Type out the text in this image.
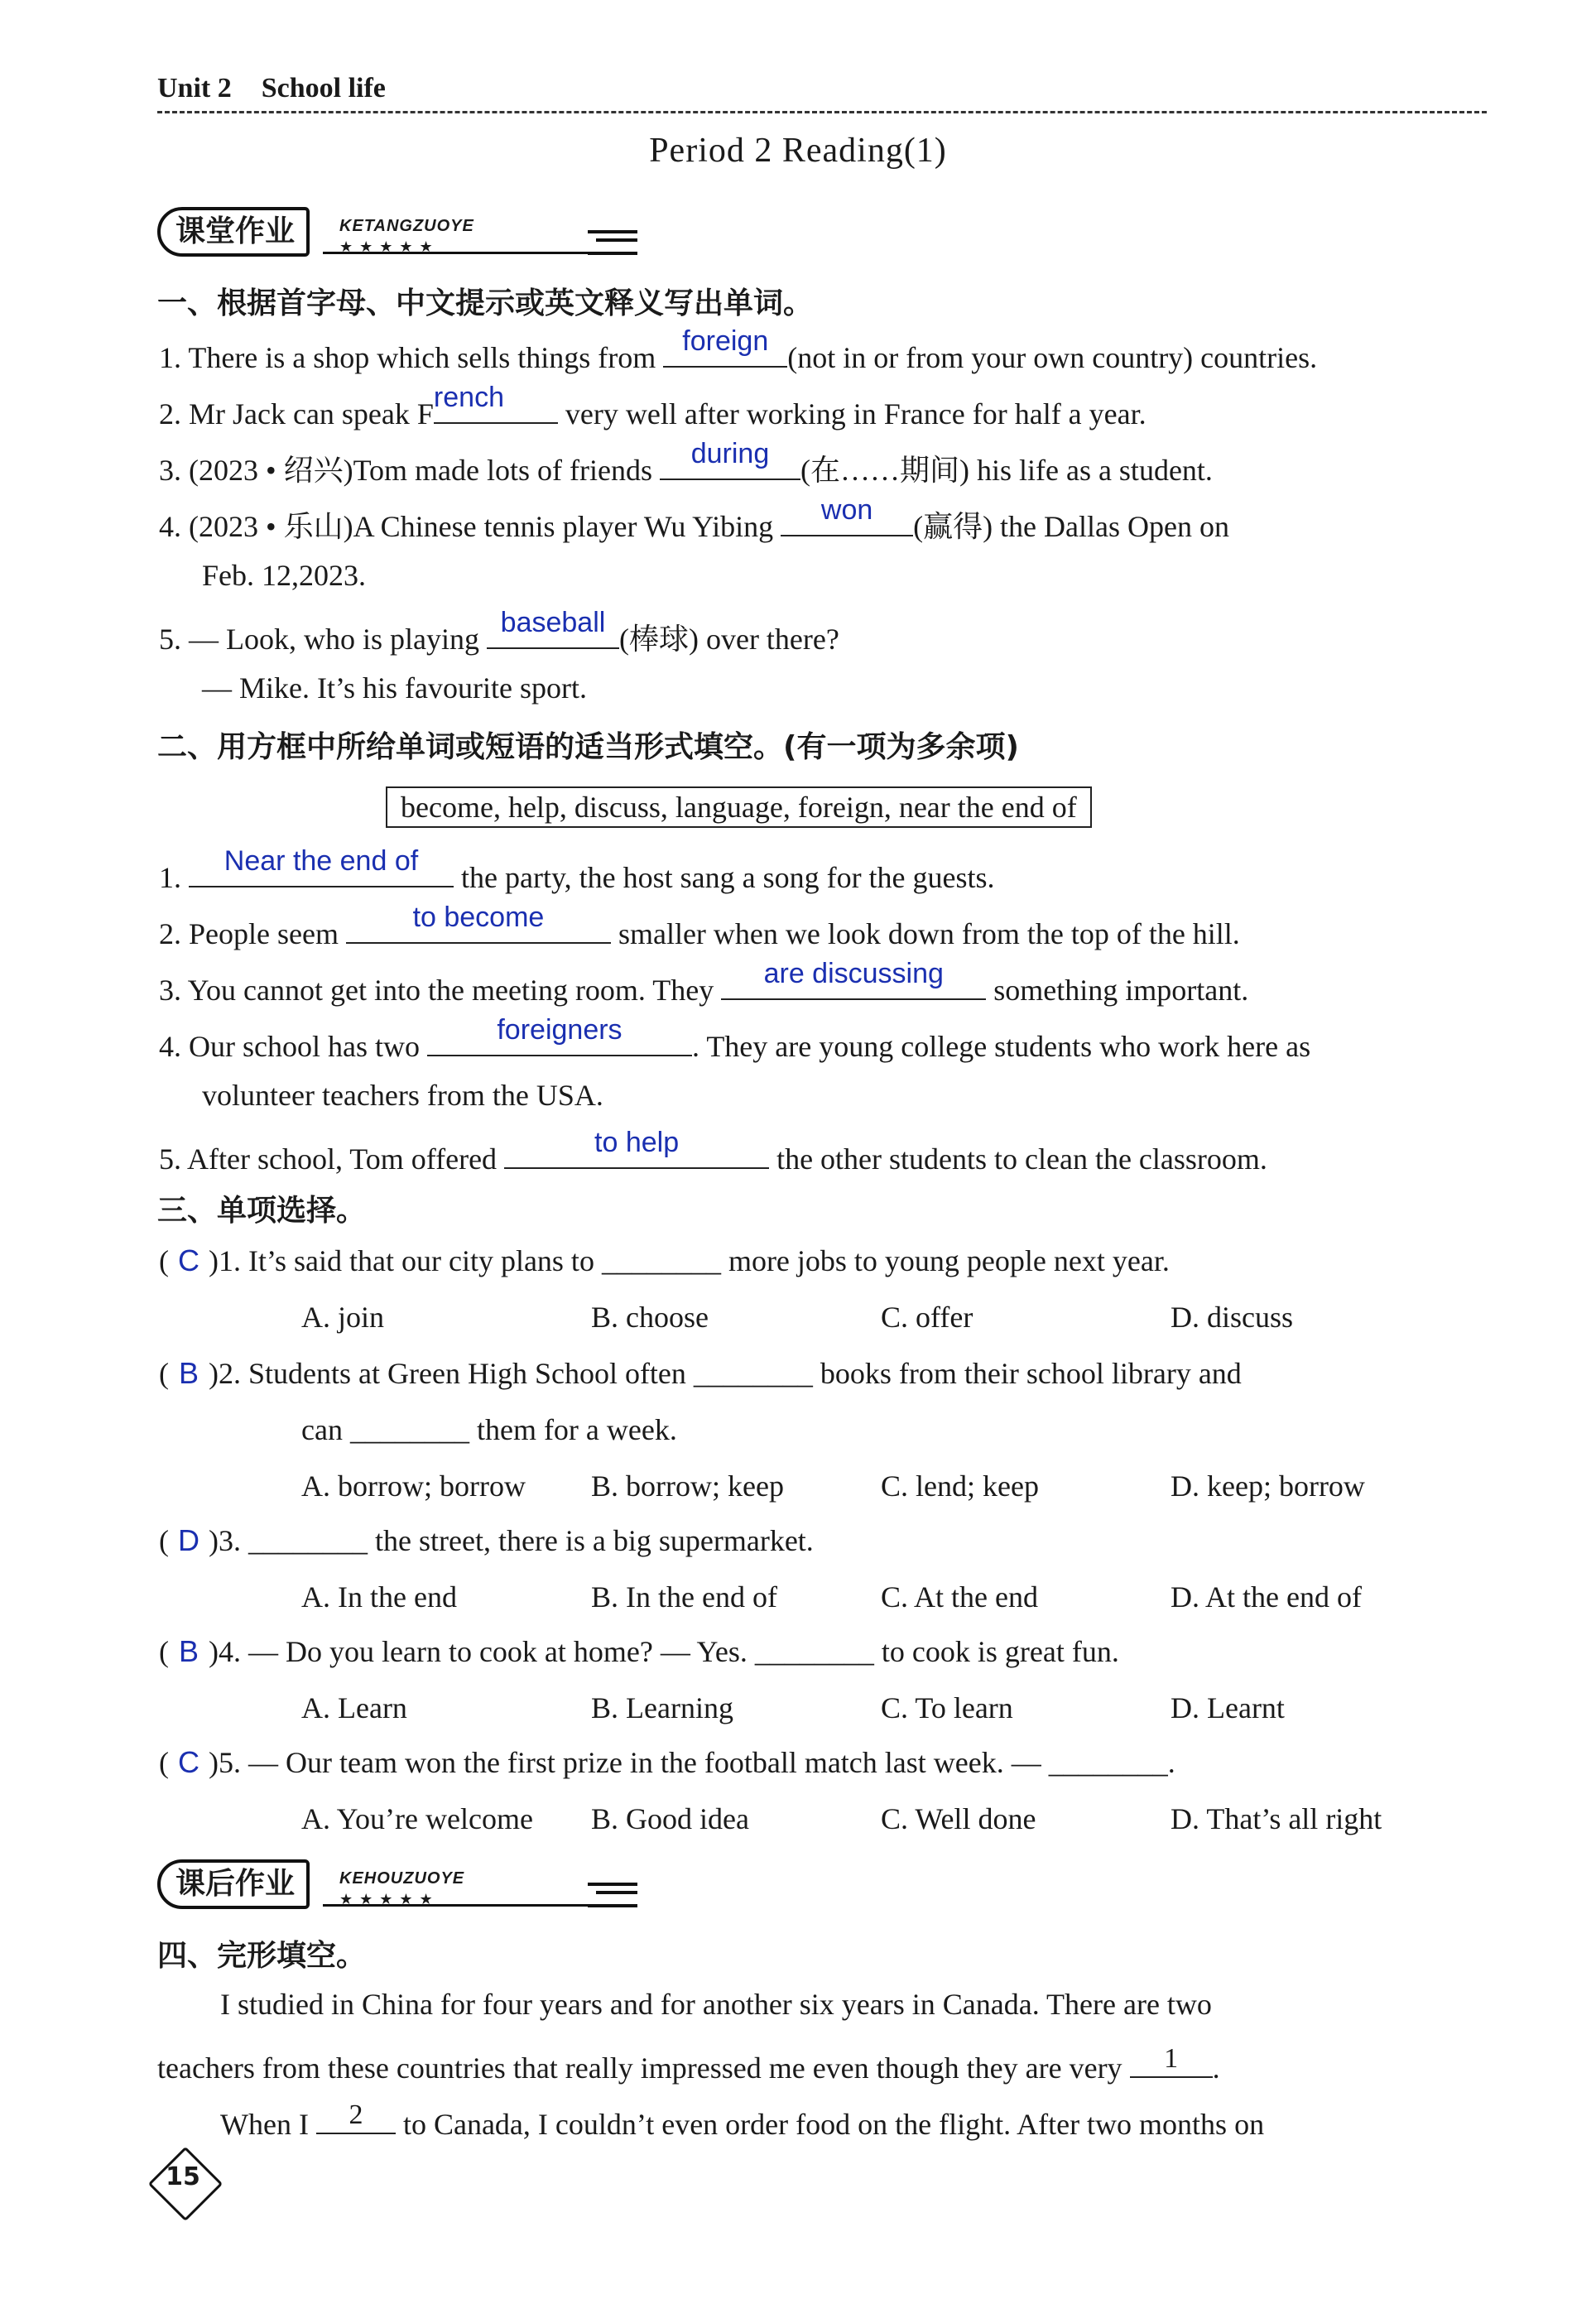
Unit 2 School life
Period 2 Reading(1)
课堂作业	KETANGZUOYE
★★★★★
一、根据首字母、中文提示或英文释义写出单词。
1. There is a shop which sells things from foreign (not in or from your own country) countries.
2. Mr Jack can speak F rench	very well after working in France for half a year.
3. (2023 • 绍兴)Tom made lots of friends	during	(在……期间) his life as a student.
4. (2023 • 乐山)A Chinese tennis player Wu Yibing	won	(赢得) the Dallas Open on
Feb. 12,2023.
5. — Look, who is playing baseball (棒球) over there?
— Mike. It’s his favourite sport.
二、用方框中所给单词或短语的适当形式填空。(有一项为多余项)
become, help, discuss, language, foreign, near the end of
1.	Near the end of	the party, the host sang a song for the guests.
2. People seem	to become	smaller when we look down from the top of the hill.
3. You cannot get into the meeting room. They	are discussing	something important.
4. Our school has two	foreigners	. They are young college students who work here as
volunteer teachers from the USA.
5. After school, Tom offered	to help	the other students to clean the classroom.
三、单项选择。
( C )1. It’s said that our city plans to ________ more jobs to young people next year.
A. join	B. choose	C. offer	D. discuss
( B )2. Students at Green High School often ________ books from their school library and
can ________ them for a week.
A. borrow; borrow B. borrow; keep	C. lend; keep	D. keep; borrow
( D )3. ________ the street, there is a big supermarket.
A. In the end	B. In the end of	C. At the end	D. At the end of
( B )4. — Do you learn to cook at home? — Yes. ________ to cook is great fun.
A. Learn	B. Learning	C. To learn	D. Learnt
( C )5. — Our team won the first prize in the football match last week. — ________.
A. You’re welcome B. Good idea	C. Well done	D. That’s all right
课后作业	KEHOUZUOYE
★★★★★
四、完形填空。
I studied in China for four years and for another six years in Canada. There are two
teachers from these countries that really impressed me even though they are very	1	.
When I	2	to Canada, I couldn’t even order food on the flight. After two months on
15
